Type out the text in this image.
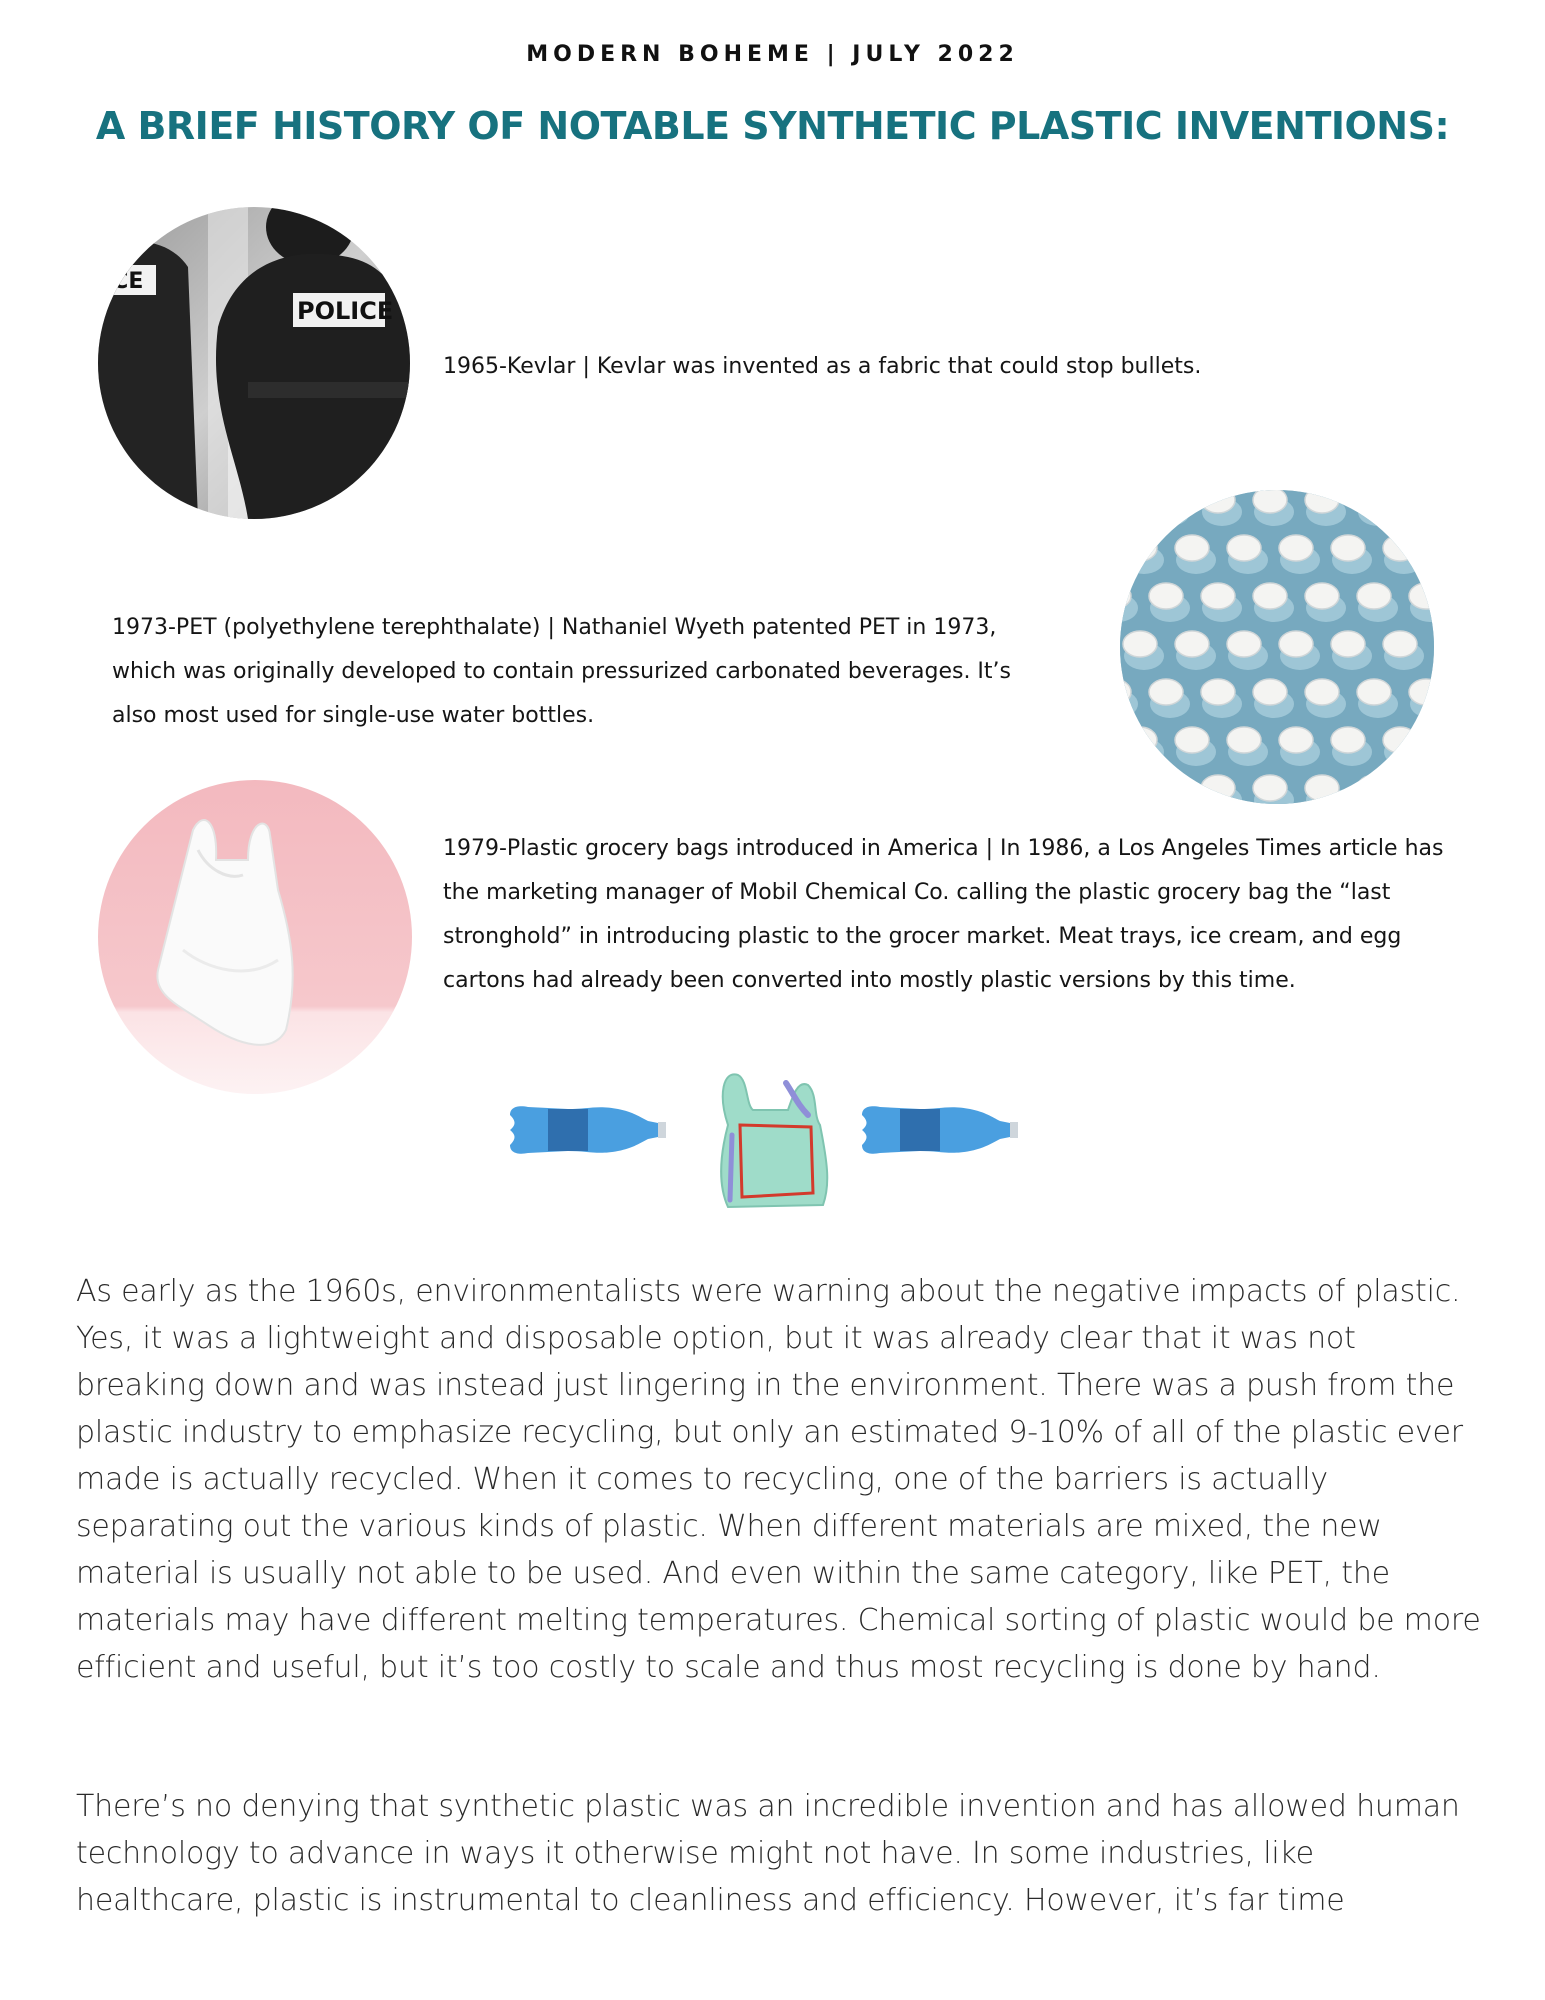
MODERN BOHEME | JULY 2022
A BRIEF HISTORY OF NOTABLE SYNTHETIC PLASTIC INVENTIONS:
ICE
POLICE
1965-Kevlar | Kevlar was invented as a fabric that could stop bullets.
1973-PET (polyethylene terephthalate) | Nathaniel Wyeth patented PET in 1973, which was originally developed to contain pressurized carbonated beverages. It’s also most used for single-use water bottles.
1979-Plastic grocery bags introduced in America | In 1986, a Los Angeles Times article has the marketing manager of Mobil Chemical Co. calling the plastic grocery bag the “last stronghold” in introducing plastic to the grocer market. Meat trays, ice cream, and egg cartons had already been converted into mostly plastic versions by this time.
As early as the 1960s, environmentalists were warning about the negative impacts of plastic. Yes, it was a lightweight and disposable option, but it was already clear that it was not breaking down and was instead just lingering in the environment. There was a push from the plastic industry to emphasize recycling, but only an estimated 9-10% of all of the plastic ever made is actually recycled. When it comes to recycling, one of the barriers is actually separating out the various kinds of plastic. When different materials are mixed, the new material is usually not able to be used. And even within the same category, like PET, the materials may have different melting temperatures. Chemical sorting of plastic would be more efficient and useful, but it’s too costly to scale and thus most recycling is done by hand.
There’s no denying that synthetic plastic was an incredible invention and has allowed human technology to advance in ways it otherwise might not have. In some industries, like healthcare, plastic is instrumental to cleanliness and efficiency. However, it’s far time
